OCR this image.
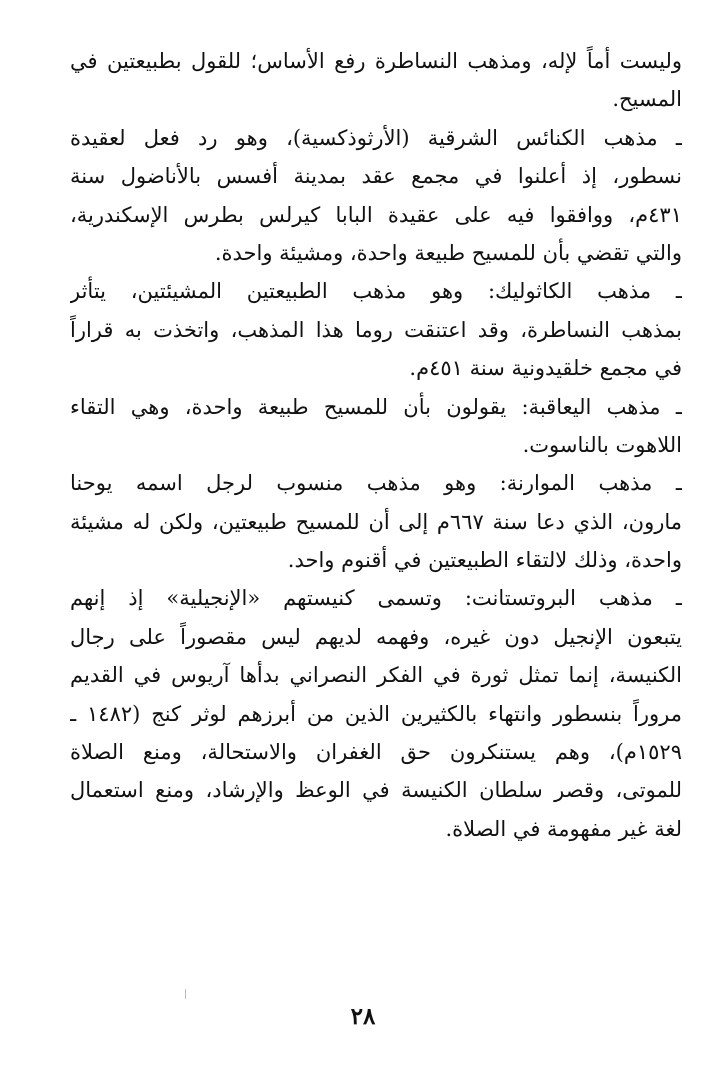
وليست أماً لإله، ومذهب النساطرة رفع الأساس؛ للقول بطبيعتين في
المسيح.

ـ مذهب الكنائس الشرقية (الأرثوذكسية)، وهو رد فعل لعقيدة
نسطور، إذ أعلنوا في مجمع عقد بمدينة أفسس بالأناضول سنة
٤٣١م، ووافقوا فيه على عقيدة البابا كيرلس بطرس الإسكندرية،
والتي تقضي بأن للمسيح طبيعة واحدة، ومشيئة واحدة.

ـ مذهب الكاثوليك: وهو مذهب الطبيعتين المشيئتين، يتأثر
بمذهب النساطرة، وقد اعتنقت روما هذا المذهب، واتخذت به قراراً
في مجمع خلقيدونية سنة ٤٥١م.

ـ مذهب اليعاقبة: يقولون بأن للمسيح طبيعة واحدة، وهي التقاء
اللاهوت بالناسوت.

ـ مذهب الموارنة: وهو مذهب منسوب لرجل اسمه يوحنا
مارون، الذي دعا سنة ٦٦٧م إلى أن للمسيح طبيعتين، ولكن له مشيئة
واحدة، وذلك لالتقاء الطبيعتين في أقنوم واحد.

ـ مذهب البروتستانت: وتسمى كنيستهم «الإنجيلية» إذ إنهم
يتبعون الإنجيل دون غيره، وفهمه لديهم ليس مقصوراً على رجال
الكنيسة، إنما تمثل ثورة في الفكر النصراني بدأها آريوس في القديم
مروراً بنسطور وانتهاء بالكثيرين الذين من أبرزهم لوثر كنج (١٤٨٢ ـ
١٥٢٩م)، وهم يستنكرون حق الغفران والاستحالة، ومنع الصلاة
للموتى، وقصر سلطان الكنيسة في الوعظ والإرشاد، ومنع استعمال
لغة غير مفهومة في الصلاة.

٢٨
